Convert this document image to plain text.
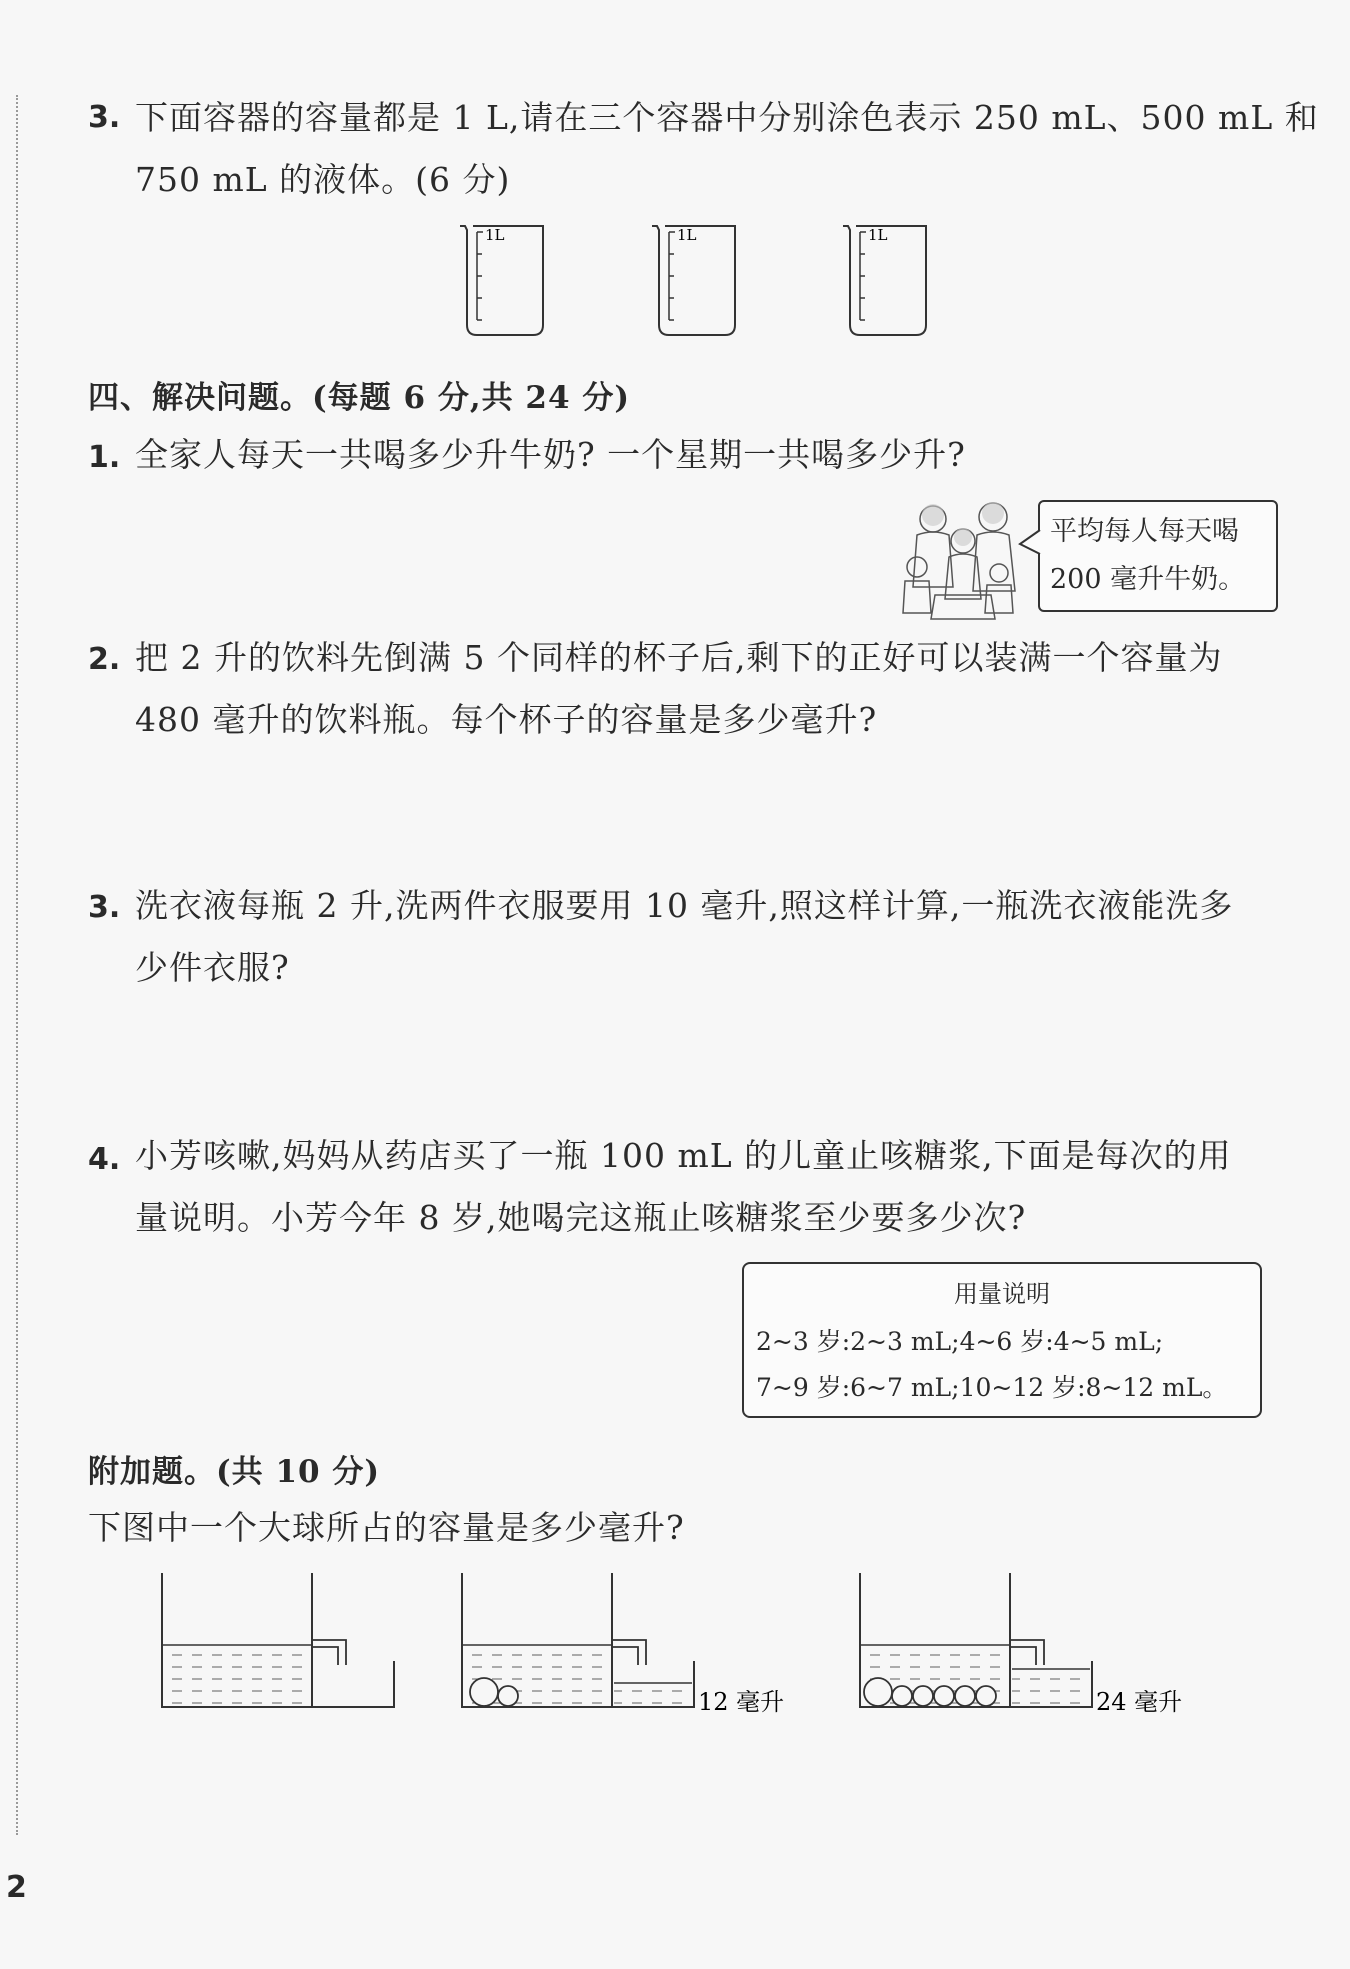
3. 下面容器的容量都是 1 L,请在三个容器中分别涂色表示 250 mL、500 mL 和
750 mL 的液体。(6 分)
1L	1L	1L
四、解决问题。(每题 6 分,共 24 分)
1. 全家人每天一共喝多少升牛奶? 一个星期一共喝多少升?
平均每人每天喝
200 毫升牛奶。
2. 把 2 升的饮料先倒满 5 个同样的杯子后,剩下的正好可以装满一个容量为
480 毫升的饮料瓶。每个杯子的容量是多少毫升?
3. 洗衣液每瓶 2 升,洗两件衣服要用 10 毫升,照这样计算,一瓶洗衣液能洗多
少件衣服?
4. 小芳咳嗽,妈妈从药店买了一瓶 100 mL 的儿童止咳糖浆,下面是每次的用
量说明。小芳今年 8 岁,她喝完这瓶止咳糖浆至少要多少次?
用量说明
2~3 岁:2~3 mL;4~6 岁:4~5 mL;
7~9 岁:6~7 mL;10~12 岁:8~12 mL。
附加题。(共 10 分)
下图中一个大球所占的容量是多少毫升?
12 毫升	24 毫升
2
